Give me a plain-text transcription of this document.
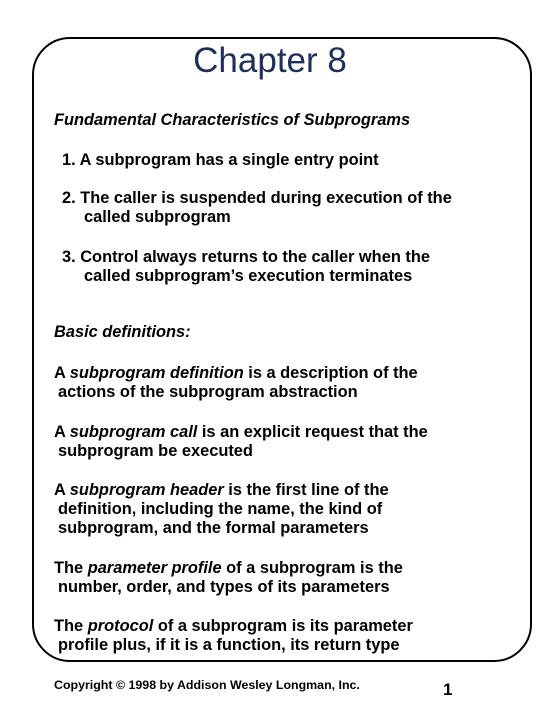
Chapter 8

Fundamental Characteristics of Subprograms

1. A subprogram has a single entry point

2. The caller is suspended during execution of the

called subprogram

3. Control always returns to the caller when the

called subprogram’s execution terminates

Basic definitions:

A subprogram definition is a description of the

actions of the subprogram abstraction

A subprogram call is an explicit request that the

subprogram be executed

A subprogram header is the first line of the

definition, including the name, the kind of

subprogram, and the formal parameters

The parameter profile of a subprogram is the

number, order, and types of its parameters

The protocol of a subprogram is its parameter

profile plus, if it is a function, its return type

Copyright © 1998 by Addison Wesley Longman, Inc.	1
